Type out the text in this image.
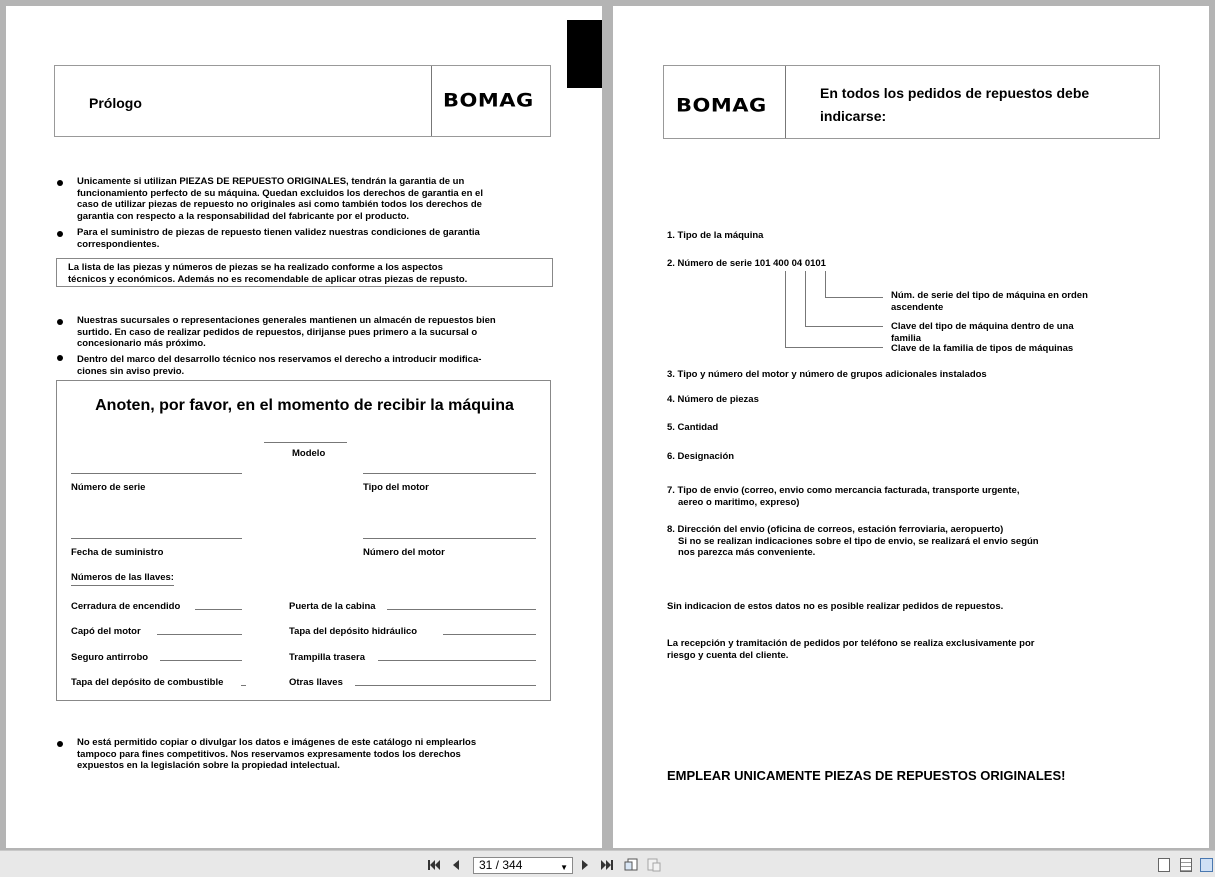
Prólogo	BOMAG
Unicamente si utilizan PIEZAS DE REPUESTO ORIGINALES, tendrán la garantia de un
funcionamiento perfecto de su máquina. Quedan excluidos los derechos de garantia en el
caso de utilizar piezas de repuesto no originales asi como también todos los derechos de
garantia con respecto a la responsabilidad del fabricante por el producto.
Para el suministro de piezas de repuesto tienen validez nuestras condiciones de garantia
correspondientes.
La lista de las piezas y números de piezas se ha realizado conforme a los aspectos
técnicos y económicos. Además no es recomendable de aplicar otras piezas de repusto.
Nuestras sucursales o representaciones generales mantienen un almacén de repuestos bien
surtido. En caso de realizar pedidos de repuestos, dirijanse pues primero a la sucursal o
concesionario más próximo.
Dentro del marco del desarrollo técnico nos reservamos el derecho a introducir modifica-
ciones sin aviso previo.
Anoten, por favor, en el momento de recibir la máquina
Modelo
Número de serie	Tipo del motor
Fecha de suministro	Número del motor
Números de las llaves:
Cerradura de encendido	Puerta de la cabina
Capó del motor	Tapa del depósito hidráulico
Seguro antirrobo	Trampilla trasera
Tapa del depósito de combustible	Otras llaves
No está permitido copiar o divulgar los datos e imágenes de este catálogo ni emplearlos
tampoco para fines competitivos. Nos reservamos expresamente todos los derechos
expuestos en la legislación sobre la propiedad intelectual.
BOMAG
En todos los pedidos de repuestos debe
indicarse:
1. Tipo de la máquina
2. Número de serie 101 400 04 0101
Núm. de serie del tipo de máquina en orden
ascendente
Clave del tipo de máquina dentro de una
familia
Clave de la familia de tipos de máquinas
3. Tipo y número del motor y número de grupos adicionales instalados
4. Número de piezas
5. Cantidad
6. Designación
7. Tipo de envio (correo, envio como mercancia facturada, transporte urgente,
aereo o maritimo, expreso)
8. Dirección del envio (oficina de correos, estación ferroviaria, aeropuerto)
Si no se realizan indicaciones sobre el tipo de envio, se realizará el envio según
nos parezca más conveniente.
Sin indicacion de estos datos no es posible realizar pedidos de repuestos.
La recepción y tramitación de pedidos por teléfono se realiza exclusivamente por
riesgo y cuenta del cliente.
EMPLEAR UNICAMENTE PIEZAS DE REPUESTOS ORIGINALES!
31 / 344	▼
